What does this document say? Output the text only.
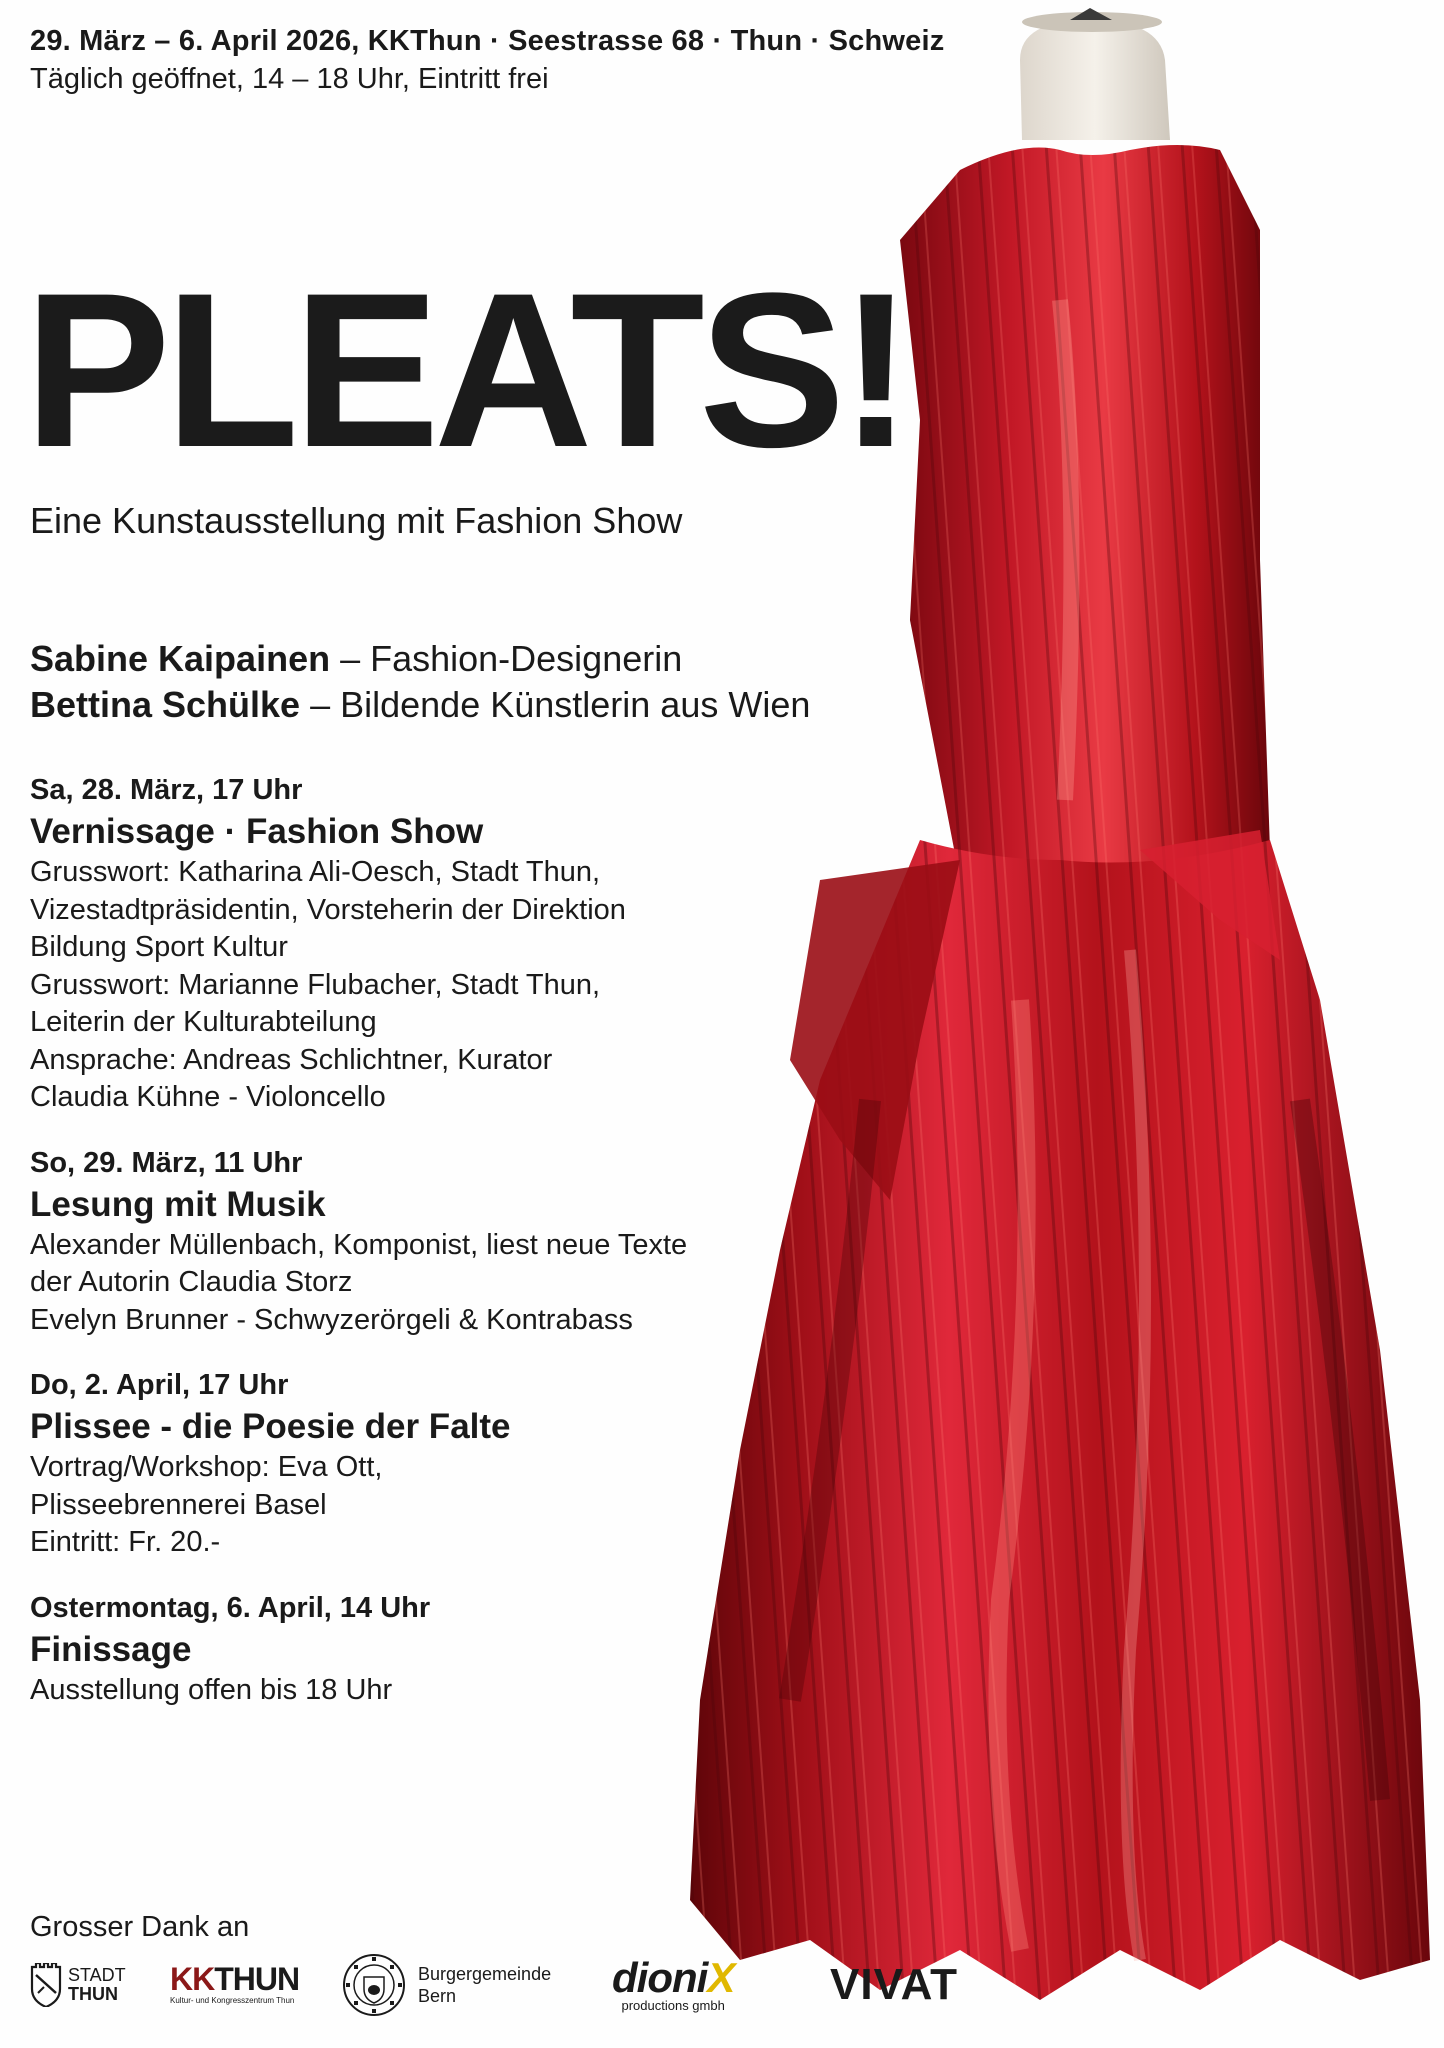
29. März – 6. April 2026, KKThun · Seestrasse 68 · Thun · Schweiz
Täglich geöffnet, 14 – 18 Uhr, Eintritt frei
PLEATS!
Eine Kunstausstellung mit Fashion Show
Sabine Kaipainen – Fashion-Designerin
Bettina Schülke – Bildende Künstlerin aus Wien
Sa, 28. März, 17 Uhr
Vernissage · Fashion Show
Grusswort: Katharina Ali-Oesch, Stadt Thun,
Vizestadtpräsidentin, Vorsteherin der Direktion
Bildung Sport Kultur
Grusswort: Marianne Flubacher, Stadt Thun,
Leiterin der Kulturabteilung
Ansprache: Andreas Schlichtner, Kurator
Claudia Kühne - Violoncello
So, 29. März, 11 Uhr
Lesung mit Musik
Alexander Müllenbach, Komponist, liest neue Texte
der Autorin Claudia Storz
Evelyn Brunner - Schwyzerörgeli & Kontrabass
Do, 2. April, 17 Uhr
Plissee - die Poesie der Falte
Vortrag/Workshop: Eva Ott,
Plisseebrennerei Basel
Eintritt: Fr. 20.-
Ostermontag, 6. April, 14 Uhr
Finissage
Ausstellung offen bis 18 Uhr
Grosser Dank an
STADT
THUN KKTHUN
Kultur- und Kongresszentrum Thun
Burgergemeinde
Bern	dioniX
productions gmbh VIVAT
